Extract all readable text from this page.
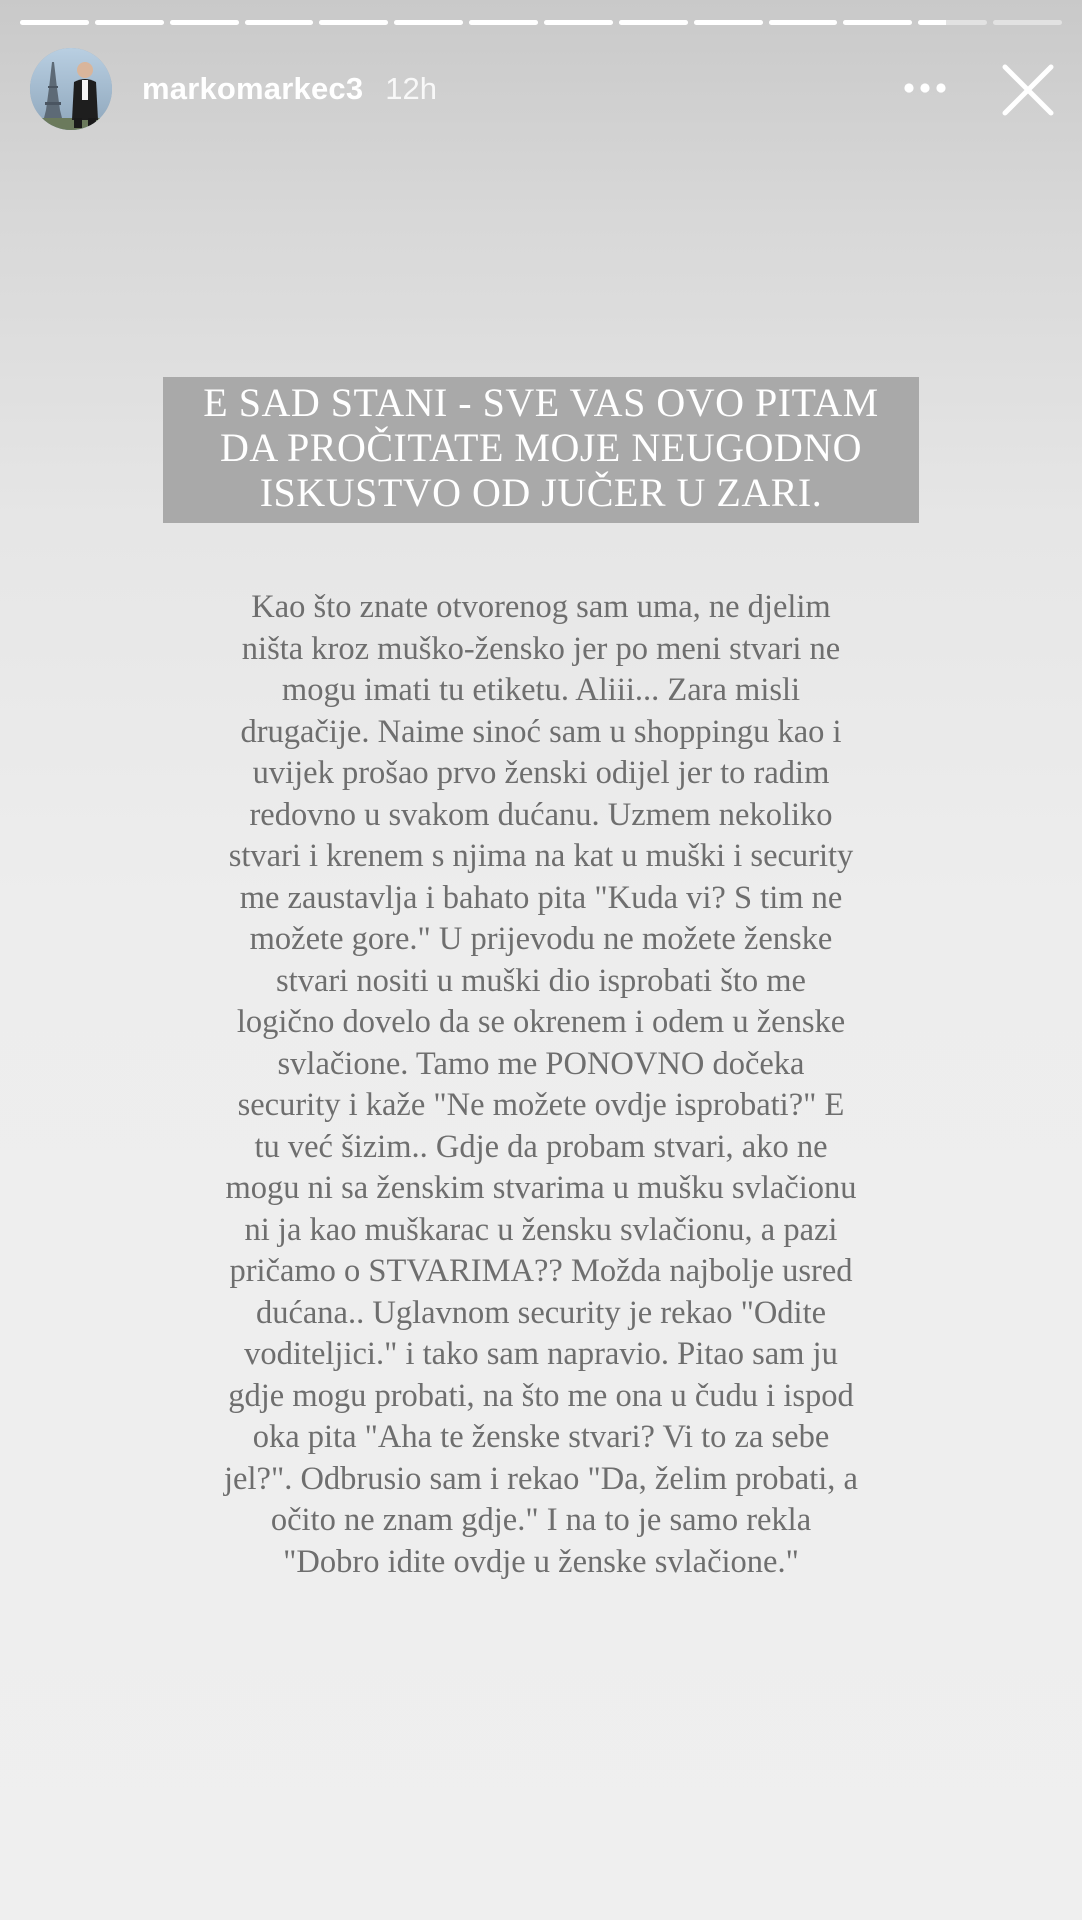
markomarkec3 12h
E SAD STANI - SVE VAS OVO PITAM
DA PROČITATE MOJE NEUGODNO
ISKUSTVO OD JUČER U ZARI.
Kao što znate otvorenog sam uma, ne djelim
ništa kroz muško-žensko jer po meni stvari ne
mogu imati tu etiketu. Aliii... Zara misli
drugačije. Naime sinoć sam u shoppingu kao i
uvijek prošao prvo ženski odijel jer to radim
redovno u svakom dućanu. Uzmem nekoliko
stvari i krenem s njima na kat u muški i security
me zaustavlja i bahato pita "Kuda vi? S tim ne
možete gore." U prijevodu ne možete ženske
stvari nositi u muški dio isprobati što me
logično dovelo da se okrenem i odem u ženske
svlačione. Tamo me PONOVNO dočeka
security i kaže "Ne možete ovdje isprobati?" E
tu već šizim.. Gdje da probam stvari, ako ne
mogu ni sa ženskim stvarima u mušku svlačionu
ni ja kao muškarac u žensku svlačionu, a pazi
pričamo o STVARIMA?? Možda najbolje usred
dućana.. Uglavnom security je rekao "Odite
voditeljici." i tako sam napravio. Pitao sam ju
gdje mogu probati, na što me ona u čudu i ispod
oka pita "Aha te ženske stvari? Vi to za sebe
jel?". Odbrusio sam i rekao "Da, želim probati, a
očito ne znam gdje." I na to je samo rekla
"Dobro idite ovdje u ženske svlačione."
